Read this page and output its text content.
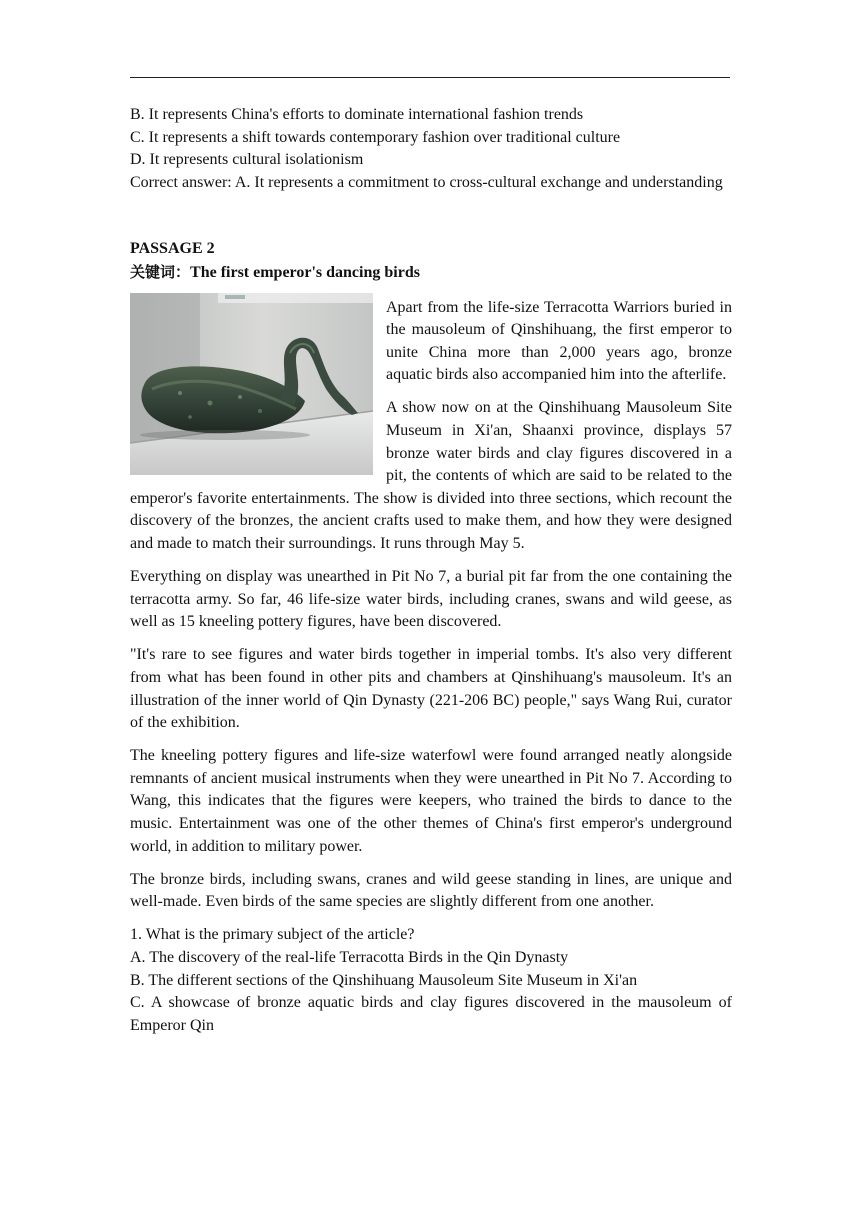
B. It represents China's efforts to dominate international fashion trends

C. It represents a shift towards contemporary fashion over traditional culture

D. It represents cultural isolationism

Correct answer: A. It represents a commitment to cross-cultural exchange and understanding

PASSAGE 2

关键词：The first emperor's dancing birds

Apart from the life-size Terracotta Warriors buried in the mausoleum of Qinshihuang, the first emperor to unite China more than 2,000 years ago, bronze aquatic birds also accompanied him into the afterlife.

A show now on at the Qinshihuang Mausoleum Site Museum in Xi'an, Shaanxi province, displays 57 bronze water birds and clay figures discovered in a pit, the contents of which are said to be related to the emperor's favorite entertainments. The show is divided into three sections, which recount the discovery of the bronzes, the ancient crafts used to make them, and how they were designed and made to match their surroundings. It runs through May 5.

Everything on display was unearthed in Pit No 7, a burial pit far from the one containing the terracotta army. So far, 46 life-size water birds, including cranes, swans and wild geese, as well as 15 kneeling pottery figures, have been discovered.

"It's rare to see figures and water birds together in imperial tombs. It's also very different from what has been found in other pits and chambers at Qinshihuang's mausoleum. It's an illustration of the inner world of Qin Dynasty (221-206 BC) people," says Wang Rui, curator of the exhibition.

The kneeling pottery figures and life-size waterfowl were found arranged neatly alongside remnants of ancient musical instruments when they were unearthed in Pit No 7. According to Wang, this indicates that the figures were keepers, who trained the birds to dance to the music. Entertainment was one of the other themes of China's first emperor's underground world, in addition to military power.

The bronze birds, including swans, cranes and wild geese standing in lines, are unique and well-made. Even birds of the same species are slightly different from one another.

1. What is the primary subject of the article?

A. The discovery of the real-life Terracotta Birds in the Qin Dynasty

B. The different sections of the Qinshihuang Mausoleum Site Museum in Xi'an

C. A showcase of bronze aquatic birds and clay figures discovered in the mausoleum of Emperor Qin
